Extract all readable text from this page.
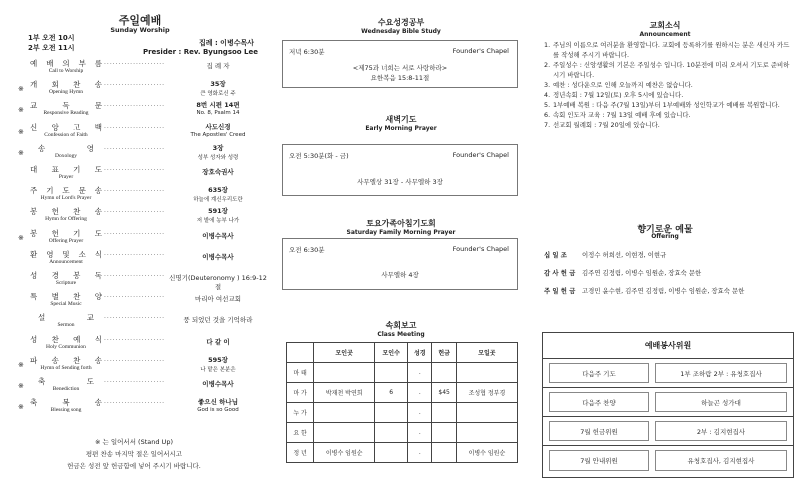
주일예배
Sunday Worship
1부 오전 10시
2부 오전 11시
집례 : 이병수목사
Presider : Rev. Byungsoo Lee
예 배 의 부 름
Call to Worship
·····················	집 례 자
※ 개 회 찬 송
Opening Hymn
·····················	35장
큰 영화로신 주
※ 교	독	문
Responsive Reading
·····················	8번 시편 14편
No. 8, Psalm 14
※ 신 앙 고 백
Confession of Faith
·····················	사도신경
The Apostles' Creed
※ 송	영
Doxology
·····················	3장
성부 성자와 성령
대 표 기 도
Prayer
·····················	장호숙권사
주 기 도 문 송
Hymn of Lord's Prayer
·····················	635장
하늘에 계신우리도란
봉 헌 찬 송
Hymn for Offering
·····················	591장
저 밭에 농부 나가
※ 봉 헌 기 도
Offering Prayer
·····················	이병수목사
환 영 및 소 식
Announcement
·····················	이병수목사
성 경 봉 독
Scripture
····················· 신명기(Deuteronomy ) 16:9-12절
특 별 찬 양
Special Music
·····················	마리아 여선교회
설	교
Sermon
·····················	풍 되었던 것을 기억하라
성 찬 예 식
Holy Communion
·····················	다 같 이
※ 파 송 찬 송
Hymn of Sending forth
·····················	595장
나 맡은 본분은
※ 축	도
Benediction
·····················	이병수목사
※ 축	복	송
Blessing song
·····················	좋으신 하나님
God is so Good
※ 는 일어서서 (Stand Up)
평편 찬송 마지막 절은 일어서시고
헌금은 성전 앞 헌금함에 넣어 주시기 바랍니다.
수요성경공부
Wednesday Bible Study
저녁 6:30분	Founder's Chapel
<제75과 너희는 서로 사랑하라>
요한복음 15:8-11절
새벽기도
Early Morning Prayer
오전 5:30분(화 - 금)	Founder's Chapel
사무엘상 31장 - 사무엘하 3장
토요가족아침기도회
Saturday Family Morning Prayer
오전 6:30분	Founder's Chapel
사무엘하 4장
속회보고
Class Meeting
	모인곳	모인수	성경	헌금	모일곳
마 태			.		
마 가	박재천 박연희	6	.	$45	조성협 정부경
누 가			.		
요 한			.		
정 년	이병수 임원순		.		이병수 임원순
교회소식
Announcement
1. 주님의 이름으로 여러분을 환영합니다. 교회에 등록하기를 원하시는 분은 새신자 카드를 작성해 주시기 바랍니다.
2. 주일성수 : 신앙생활의 기본은 주일성수 입니다. 10분전에 미리 오셔서 기도로 준비하시기 바랍니다.
3. 예찬 : 성다운으로 인해 오늘까지 예찬은 없습니다.
4. 정년속회 : 7월 12일(토) 오후 5시에 있습니다.
5. 1부예배 복원 : 다음 주(7월 13일)부터 1부예배와 성인학교가 예배를 복원합니다.
6. 속회 인도자 교육 : 7월 13일 예배 후에 있습니다.
7. 선교회 월례회 : 7월 20일에 있습니다.
향기로운 예물
Offering
십 일 조 이정수 허희선, 이현경, 이현규
감 사 헌 금 김주연 김정림, 이병수 임원순, 장효숙 문한
주 일 헌 금 고경민 윤수현, 김주연 김정림, 이병수 임원순, 장효숙 문한
예배봉사위원
다음주 기도	1부 조하람 2부 : 유청호집사
다음주 찬양	하늘곤 성가대
7월 헌금위원	2부 : 김지현집사
7월 안내위원	유청호집사, 김지현집사
